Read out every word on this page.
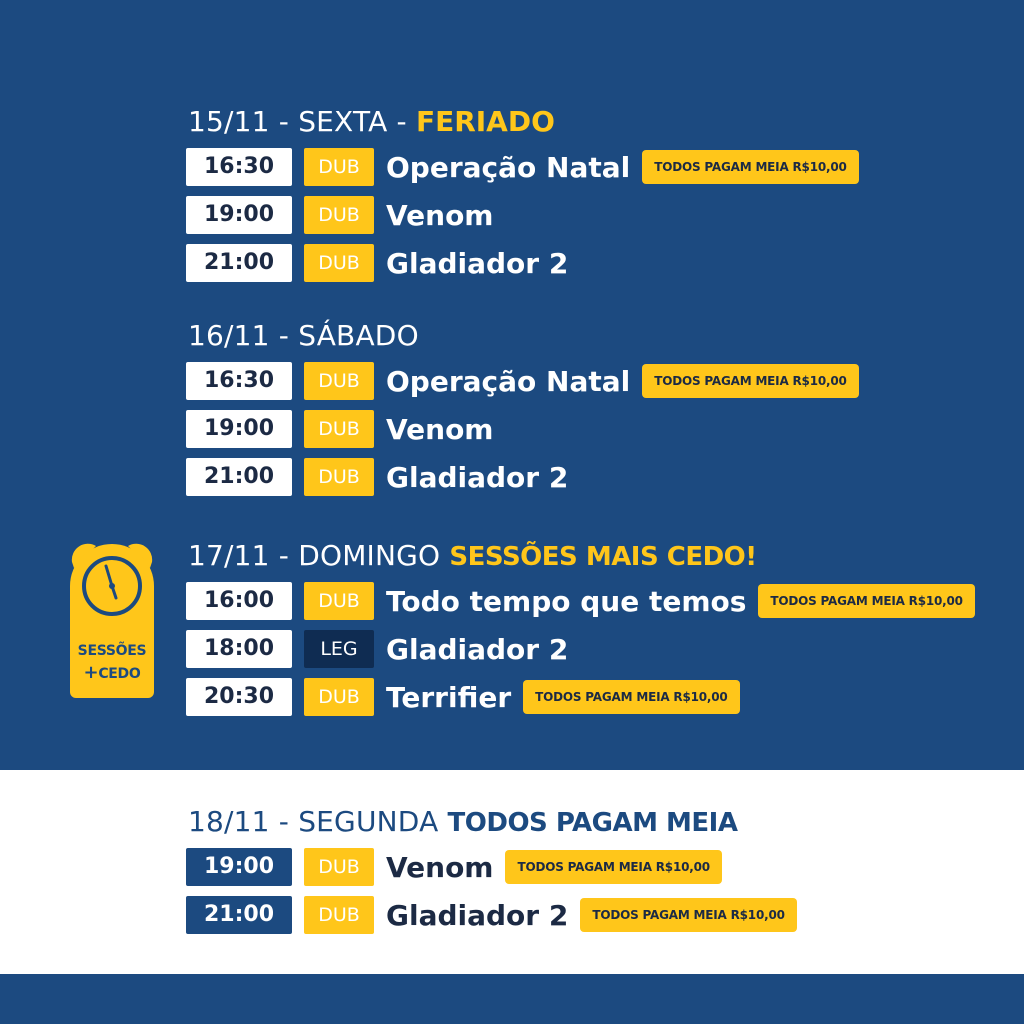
15/11 - SEXTA - FERIADO
16:30	DUB Operação Natal	TODOS PAGAM MEIA R$10,00
19:00	DUB Venom
21:00	DUB Gladiador 2
16/11 - SÁBADO
16:30	DUB Operação Natal	TODOS PAGAM MEIA R$10,00
19:00	DUB Venom
21:00	DUB Gladiador 2
17/11 - DOMINGO SESSÕES MAIS CEDO!
16:00	DUB Todo tempo que temos	TODOS PAGAM MEIA R$10,00
18:00	LEG	Gladiador 2
20:30	DUB Terrifier	TODOS PAGAM MEIA R$10,00
18/11 - SEGUNDA TODOS PAGAM MEIA
19:00	DUB Venom	TODOS PAGAM MEIA R$10,00
21:00	DUB Gladiador 2	TODOS PAGAM MEIA R$10,00
SESSÕES
+CEDO
